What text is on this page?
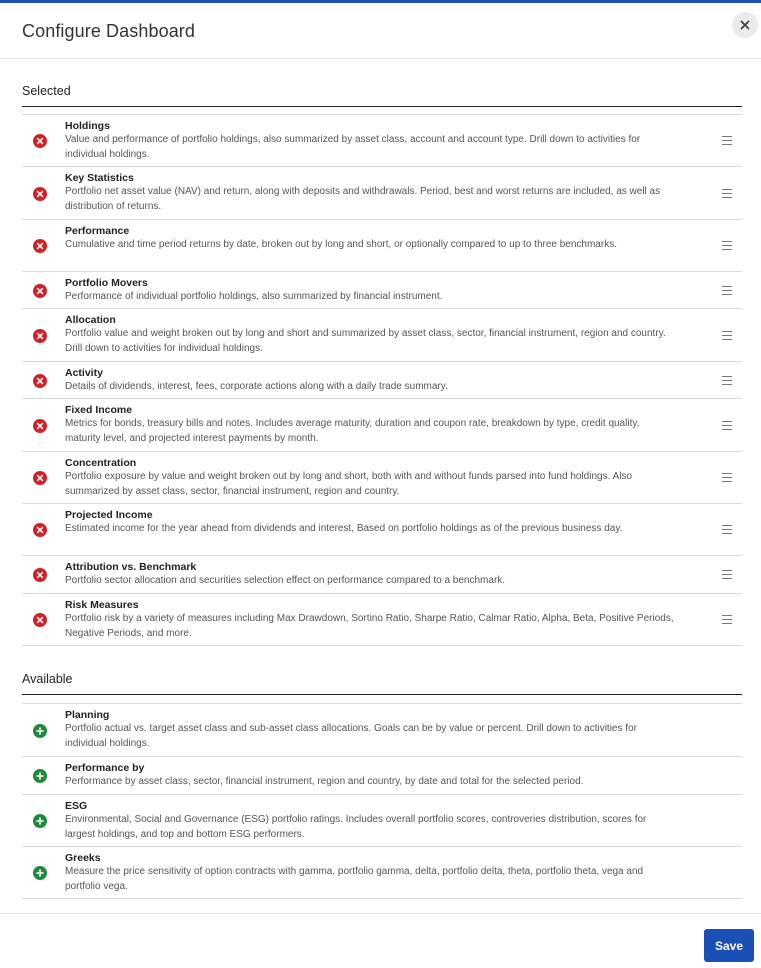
Configure Dashboard
Selected
Holdings
Value and performance of portfolio holdings, also summarized by asset class, account and account type. Drill down to activities for individual holdings.
Key Statistics
Portfolio net asset value (NAV) and return, along with deposits and withdrawals. Period, best and worst returns are included, as well as distribution of returns.
Performance
Cumulative and time period returns by date, broken out by long and short, or optionally compared to up to three benchmarks.
Portfolio Movers
Performance of individual portfolio holdings, also summarized by financial instrument.
Allocation
Portfolio value and weight broken out by long and short and summarized by asset class, sector, financial instrument, region and country. Drill down to activities for individual holdings.
Activity
Details of dividends, interest, fees, corporate actions along with a daily trade summary.
Fixed Income
Metrics for bonds, treasury bills and notes. Includes average maturity, duration and coupon rate, breakdown by type, credit quality, maturity level, and projected interest payments by month.
Concentration
Portfolio exposure by value and weight broken out by long and short, both with and without funds parsed into fund holdings. Also summarized by asset class, sector, financial instrument, region and country.
Projected Income
Estimated income for the year ahead from dividends and interest, Based on portfolio holdings as of the previous business day.
Attribution vs. Benchmark
Portfolio sector allocation and securities selection effect on performance compared to a benchmark.
Risk Measures
Portfolio risk by a variety of measures including Max Drawdown, Sortino Ratio, Sharpe Ratio, Calmar Ratio, Alpha, Beta, Positive Periods, Negative Periods, and more.
Available
Planning
Portfolio actual vs. target asset class and sub-asset class allocations. Goals can be by value or percent. Drill down to activities for individual holdings.
Performance by
Performance by asset class, sector, financial instrument, region and country, by date and total for the selected period.
ESG
Environmental, Social and Governance (ESG) portfolio ratings. Includes overall portfolio scores, controveries distribution, scores for largest holdings, and top and bottom ESG performers.
Greeks
Measure the price sensitivity of option contracts with gamma, portfolio gamma, delta, portfolio delta, theta, portfolio theta, vega and portfolio vega.
Save
